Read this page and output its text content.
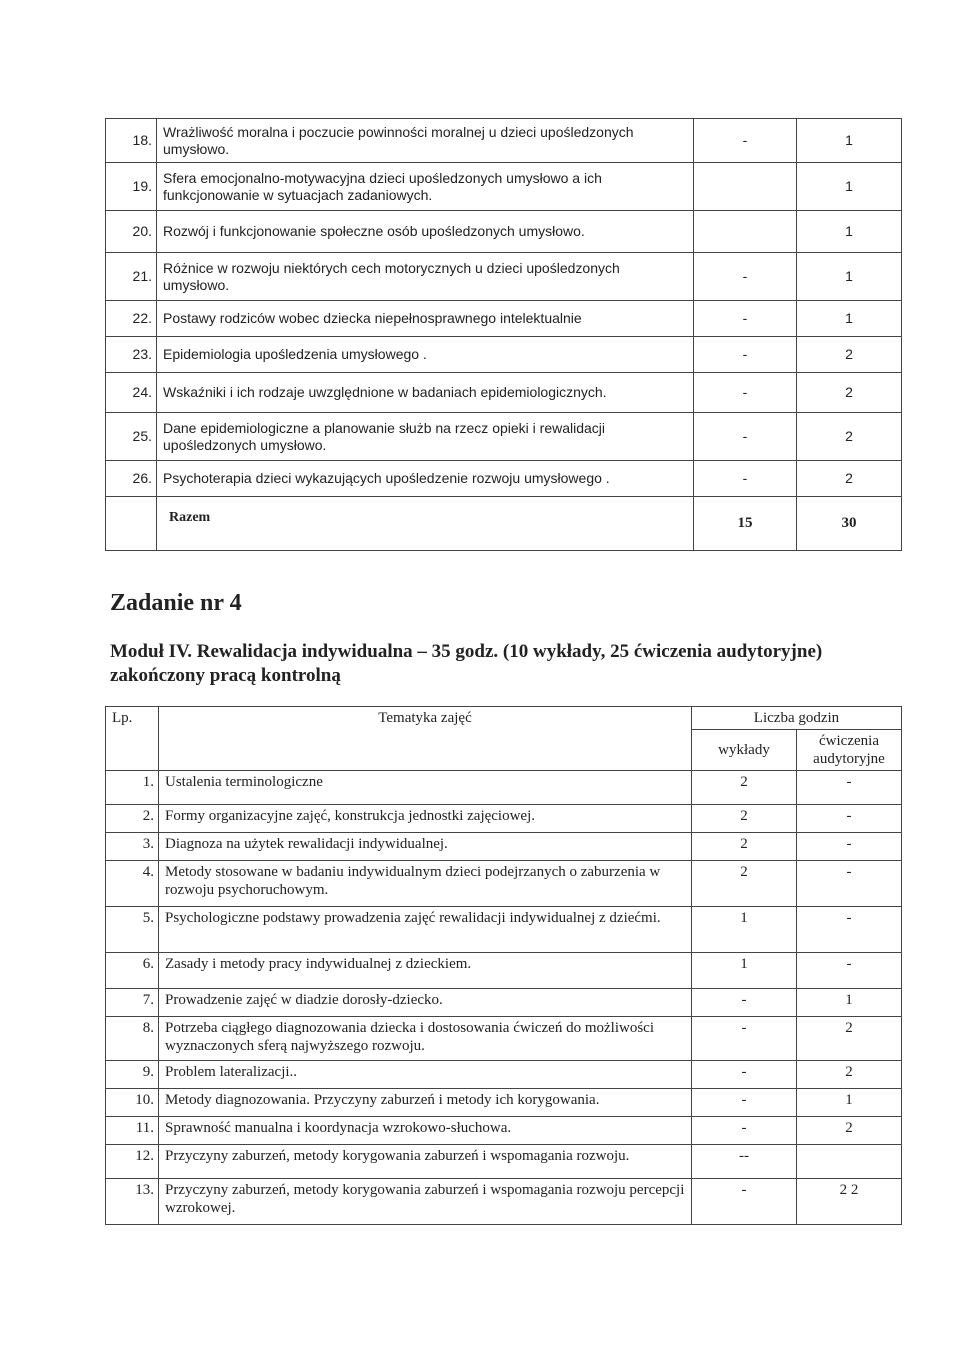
18.	Wrażliwość moralna i poczucie powinności moralnej u dzieci upośledzonych umysłowo.	-	1
19.	Sfera emocjonalno-motywacyjna dzieci upośledzonych umysłowo a ich funkcjonowanie w sytuacjach zadaniowych.		1
20.	Rozwój i funkcjonowanie społeczne osób upośledzonych umysłowo.		1
21.	Różnice w rozwoju niektórych cech motorycznych u dzieci upośledzonych umysłowo.	-	1
22.	Postawy rodziców wobec dziecka niepełnosprawnego intelektualnie	-	1
23.	Epidemiologia upośledzenia umysłowego .	-	2
24.	Wskaźniki i ich rodzaje uwzględnione w badaniach epidemiologicznych.	-	2
25.	Dane epidemiologiczne a planowanie służb na rzecz opieki i rewalidacji upośledzonych umysłowo.	-	2
26.	Psychoterapia dzieci wykazujących upośledzenie rozwoju umysłowego .	-	2
	Razem	15	30
Zadanie nr 4

Moduł IV. Rewalidacja indywidualna – 35 godz. (10 wykłady, 25 ćwiczenia audytoryjne) zakończony pracą kontrolną

Lp.	Tematyka zajęć	Liczba godzin	
		wykłady	ćwiczenia audytoryjne
1.	Ustalenia terminologiczne	2	-
2.	Formy organizacyjne zajęć, konstrukcja jednostki zajęciowej.	2	-
3.	Diagnoza na użytek rewalidacji indywidualnej.	2	-
4.	Metody stosowane w badaniu indywidualnym dzieci podejrzanych o zaburzenia w rozwoju psychoruchowym.	2	-
5.	Psychologiczne podstawy prowadzenia zajęć rewalidacji indywidualnej z dziećmi.	1	-
6.	Zasady i metody pracy indywidualnej z dzieckiem.	1	-
7.	Prowadzenie zajęć w diadzie dorosły-dziecko.	-	1
8.	Potrzeba ciągłego diagnozowania dziecka i dostosowania ćwiczeń do możliwości wyznaczonych sferą najwyższego rozwoju.	-	2
9.	Problem lateralizacji..	-	2
10.	Metody diagnozowania. Przyczyny zaburzeń i metody ich korygowania.	-	1
11.	Sprawność manualna i koordynacja wzrokowo-słuchowa.	-	2
12.	Przyczyny zaburzeń, metody korygowania zaburzeń i wspomagania rozwoju.	--	
13.	Przyczyny zaburzeń, metody korygowania zaburzeń i wspomagania rozwoju percepcji wzrokowej.	-	2 2
